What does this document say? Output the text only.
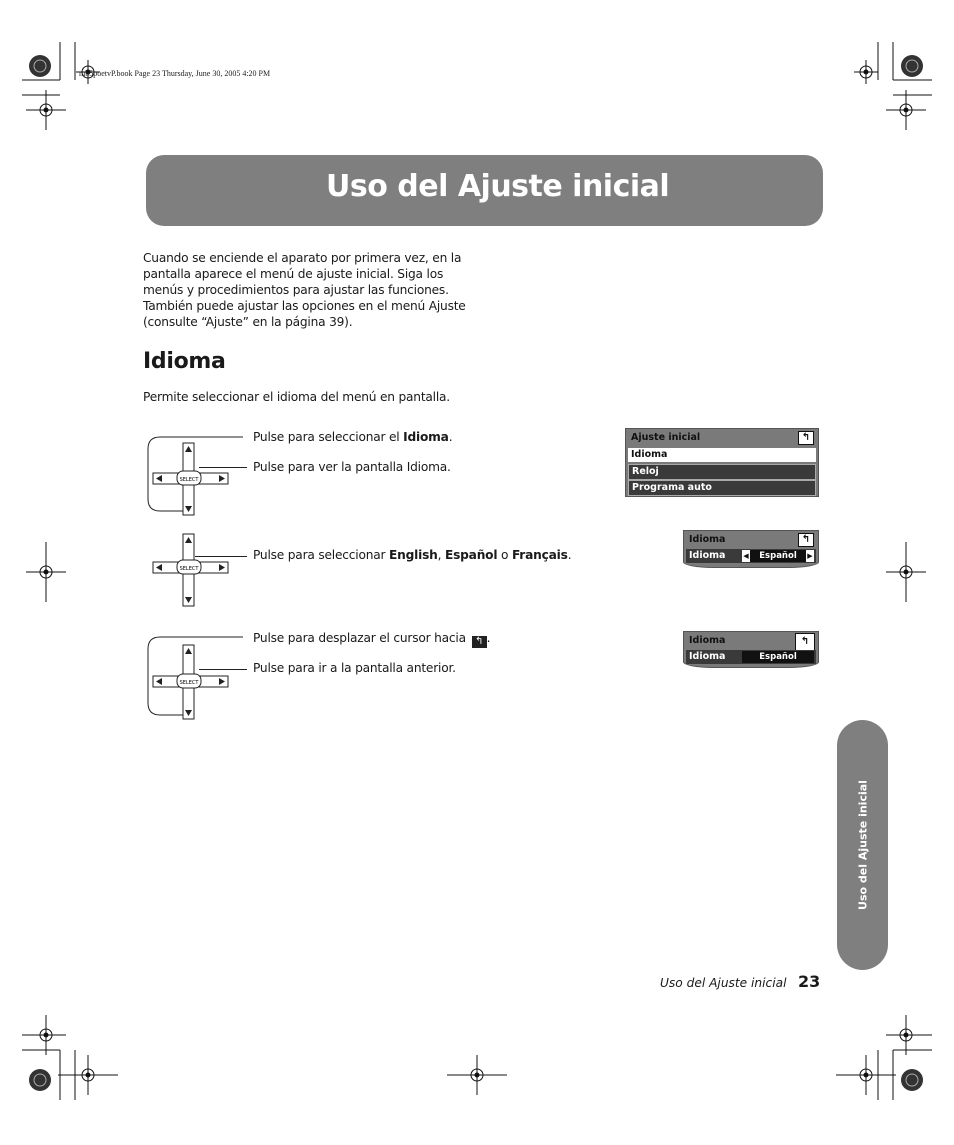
mb5poetvP.book Page 23 Thursday, June 30, 2005 4:20 PM
Uso del Ajuste inicial

Cuando se enciende el aparato por primera vez, en la

pantalla aparece el menú de ajuste inicial. Siga los

menús y procedimientos para ajustar las funciones.

También puede ajustar las opciones en el menú Ajuste

(consulte “Ajuste” en la página 39).

Idioma
Permite seleccionar el idioma del menú en pantalla.
SELECT
Pulse para seleccionar el Idioma.
Pulse para ver la pantalla Idioma.
Ajuste inicial	↰
Idioma
Reloj
Programa auto
SELECT
Pulse para seleccionar English, Español o Français.
Idioma	↰
Idioma	◀ Español ▶
SELECT
Pulse para desplazar el cursor hacia ↰ .
Pulse para ir a la pantalla anterior.
Idioma	↰
Idioma	Español
Uso del Ajuste inicial
Uso del Ajuste inicial 23
